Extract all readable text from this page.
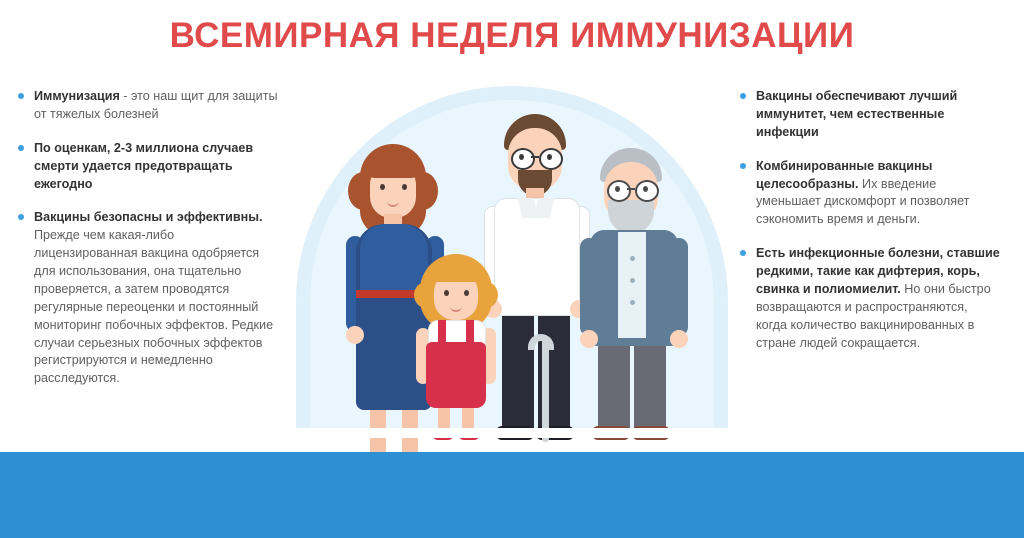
ВСЕМИРНАЯ НЕДЕЛЯ ИММУНИЗАЦИИ
Иммунизация - это наш щит для защиты от тяжелых болезней
По оценкам, 2-3 миллиона случаев смерти удается предотвращать ежегодно
Вакцины безопасны и эффективны. Прежде чем какая-либо лицензированная вакцина одобряется для использования, она тщательно проверяется, а затем проводятся регулярные переоценки и постоянный мониторинг побочных эффектов. Редкие случаи серьезных побочных эффектов регистрируются и немедленно расследуются.
Вакцины обеспечивают лучший иммунитет, чем естественные инфекции
Комбинированные вакцины целесообразны. Их введение уменьшает дискомфорт и позволяет сэкономить время и деньги.
Есть инфекционные болезни, ставшие редкими, такие как дифтерия, корь, свинка и полиомиелит. Но они быстро возвращаются и распространяются, когда количество вакцинированных в стране людей сокращается.
